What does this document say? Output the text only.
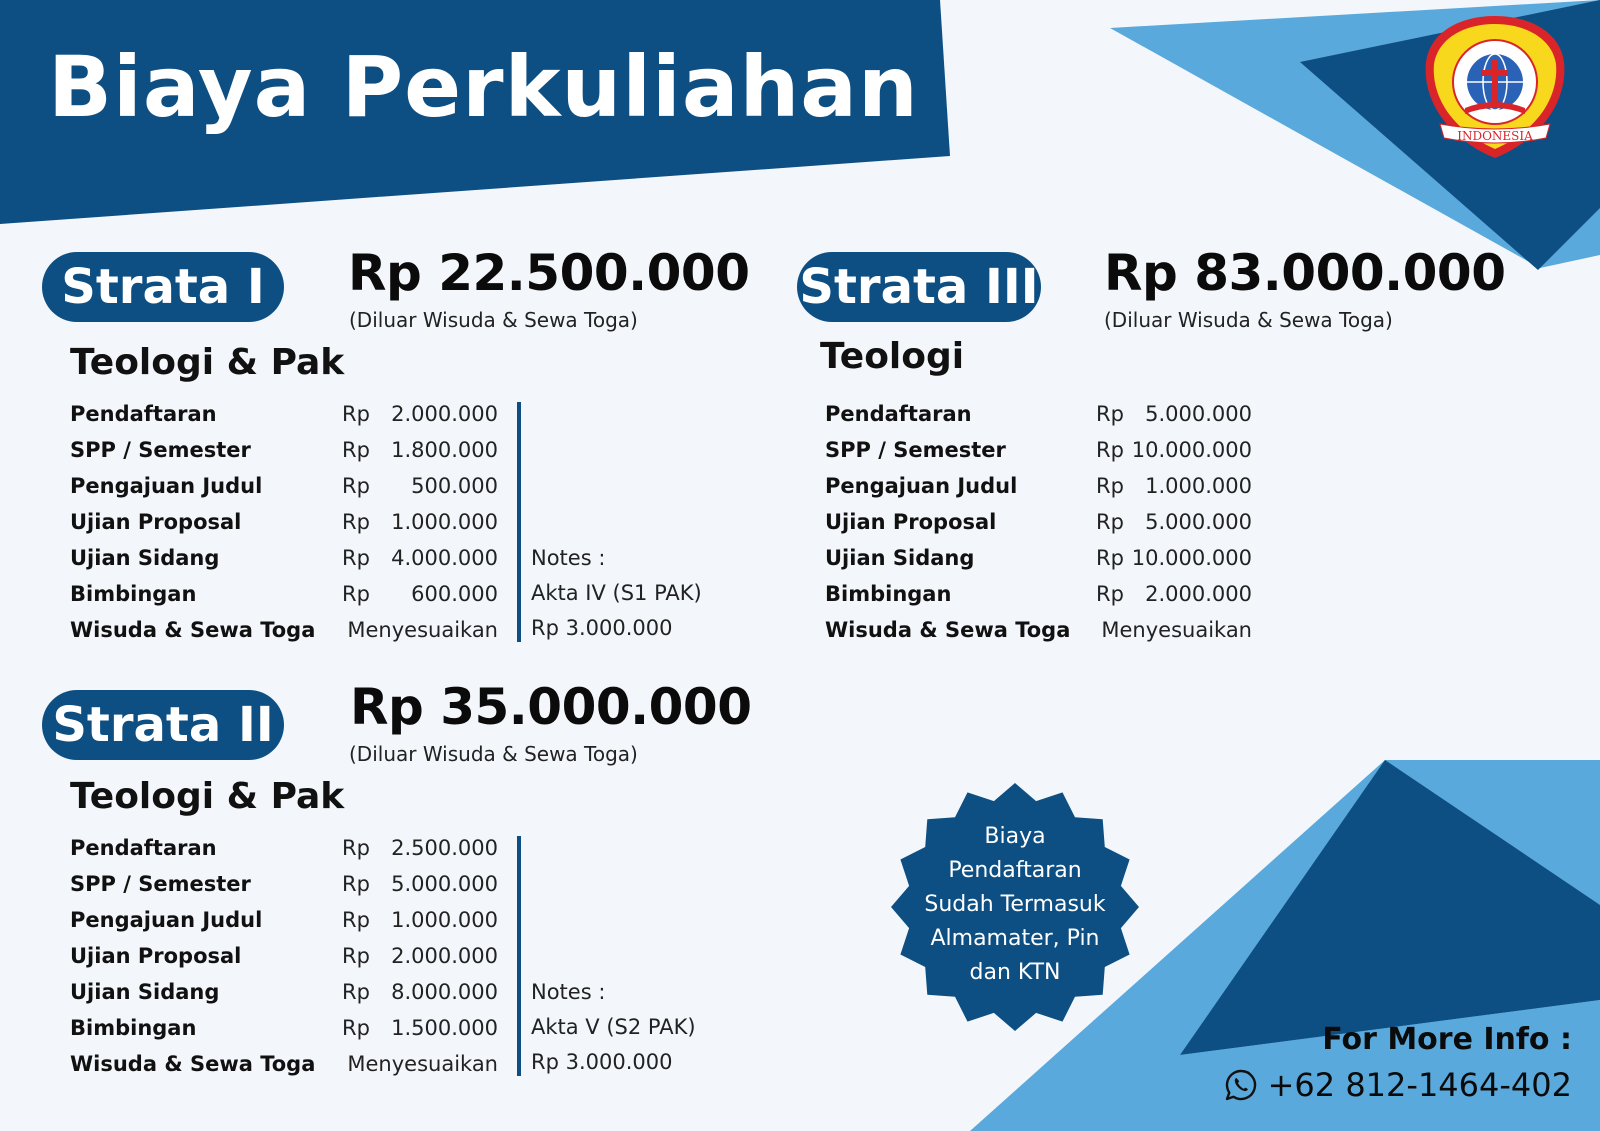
Biaya Perkuliahan	INDONESIA
Strata I	Rp 22.500.000
(Diluar Wisuda & Sewa Toga)
Teologi & Pak
Pendaftaran	Rp	2.000.000
SPP / Semester	Rp	1.800.000
Pengajuan Judul	Rp	500.000
Ujian Proposal	Rp	1.000.000
Ujian Sidang	Rp	4.000.000
Bimbingan	Rp	600.000
Wisuda & Sewa Toga	Menyesuaikan
Notes :
Akta IV (S1 PAK)
Rp 3.000.000
Strata II Rp 35.000.000
(Diluar Wisuda & Sewa Toga)
Teologi & Pak
Pendaftaran	Rp	2.500.000
SPP / Semester	Rp	5.000.000
Pengajuan Judul	Rp	1.000.000
Ujian Proposal	Rp	2.000.000
Ujian Sidang	Rp	8.000.000
Bimbingan	Rp	1.500.000
Wisuda & Sewa Toga	Menyesuaikan
Notes :
Akta V (S2 PAK)
Rp 3.000.000
Strata III Rp 83.000.000
(Diluar Wisuda & Sewa Toga)
Teologi
Pendaftaran	Rp	5.000.000
SPP / Semester	Rp 10.000.000
Pengajuan Judul	Rp	1.000.000
Ujian Proposal	Rp	5.000.000
Ujian Sidang	Rp 10.000.000
Bimbingan	Rp	2.000.000
Wisuda & Sewa Toga	Menyesuaikan
Biaya
Pendaftaran
Sudah Termasuk
Almamater, Pin
dan KTN
For More Info :
+62 812-1464-402
